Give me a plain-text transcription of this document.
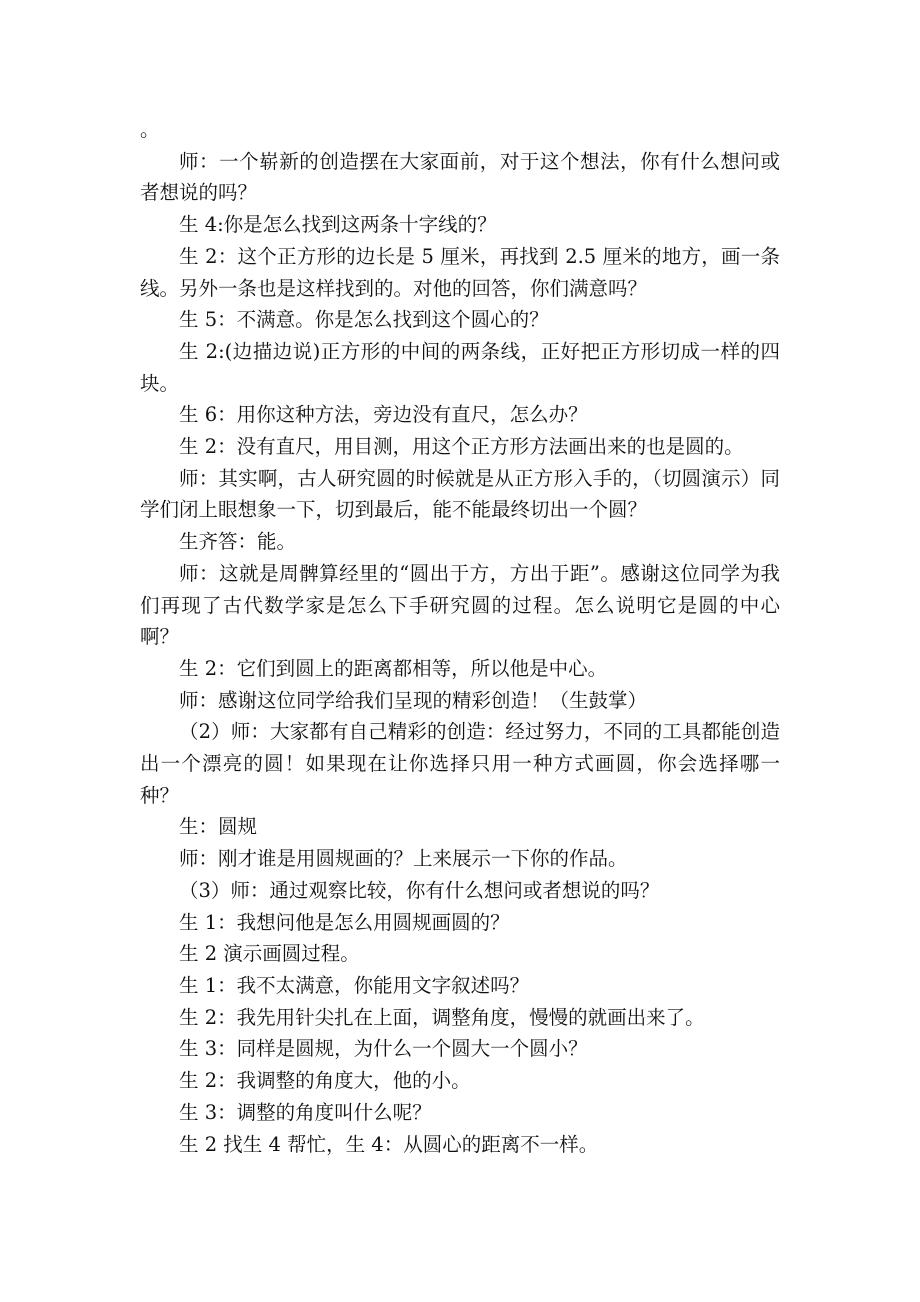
。

师：一个崭新的创造摆在大家面前，对于这个想法，你有什么想问或者想说的吗？

生 4:你是怎么找到这两条十字线的？

生 2：这个正方形的边长是 5 厘米，再找到 2.5 厘米的地方，画一条线。另外一条也是这样找到的。对他的回答，你们满意吗？

生 5：不满意。你是怎么找到这个圆心的？

生 2:(边描边说)正方形的中间的两条线，正好把正方形切成一样的四块。

生 6：用你这种方法，旁边没有直尺，怎么办？

生 2：没有直尺，用目测，用这个正方形方法画出来的也是圆的。

师：其实啊，古人研究圆的时候就是从正方形入手的，（切圆演示）同学们闭上眼想象一下，切到最后，能不能最终切出一个圆？

生齐答：能。

师：这就是周髀算经里的“圆出于方，方出于距”。感谢这位同学为我们再现了古代数学家是怎么下手研究圆的过程。怎么说明它是圆的中心啊？

生 2：它们到圆上的距离都相等，所以他是中心。

师：感谢这位同学给我们呈现的精彩创造！（生鼓掌）

（2）师：大家都有自己精彩的创造：经过努力，不同的工具都能创造出一个漂亮的圆！如果现在让你选择只用一种方式画圆，你会选择哪一种？

生：圆规

师：刚才谁是用圆规画的？上来展示一下你的作品。

（3）师：通过观察比较，你有什么想问或者想说的吗？

生 1：我想问他是怎么用圆规画圆的？

生 2 演示画圆过程。

生 1：我不太满意，你能用文字叙述吗？

生 2：我先用针尖扎在上面，调整角度，慢慢的就画出来了。

生 3：同样是圆规，为什么一个圆大一个圆小？

生 2：我调整的角度大，他的小。

生 3：调整的角度叫什么呢？

生 2 找生 4 帮忙，生 4：从圆心的距离不一样。
